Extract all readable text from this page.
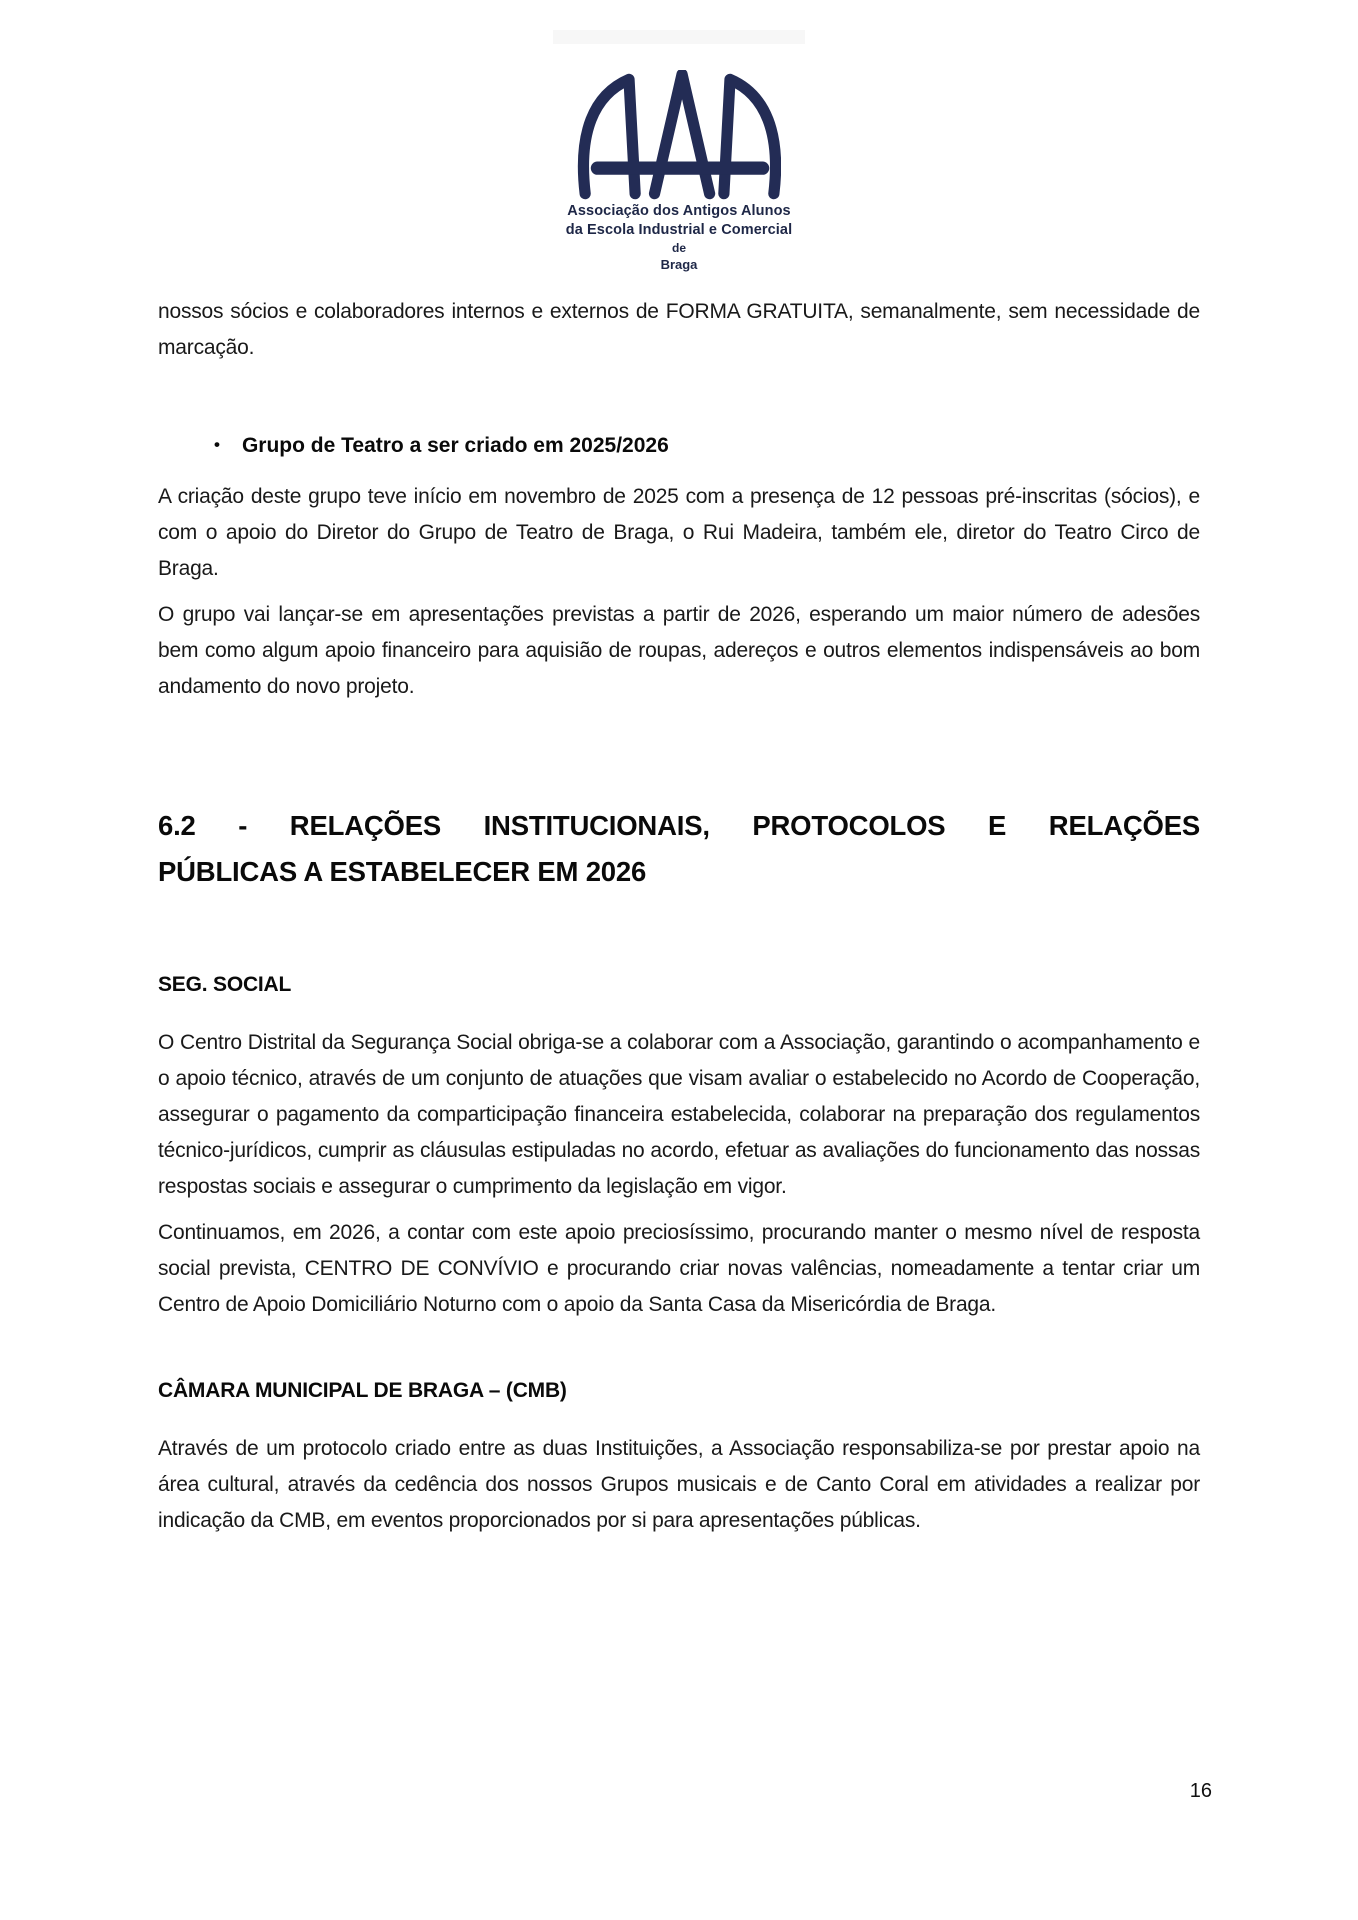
Associação dos Antigos Alunos
da Escola Industrial e Comercial
de
Braga

nossos sócios e colaboradores internos e externos de FORMA GRATUITA, semanalmente, sem necessidade de marcação.

• Grupo de Teatro a ser criado em 2025/2026

A criação deste grupo teve início em novembro de 2025 com a presença de 12 pessoas pré-inscritas (sócios), e com o apoio do Diretor do Grupo de Teatro de Braga, o Rui Madeira, também ele, diretor do Teatro Circo de Braga.

O grupo vai lançar-se em apresentações previstas a partir de 2026, esperando um maior número de adesões bem como algum apoio financeiro para aquisião de roupas, adereços e outros elementos indispensáveis ao bom andamento do novo projeto.

6.2 - RELAÇÕES INSTITUCIONAIS, PROTOCOLOS E RELAÇÕES
PÚBLICAS A ESTABELECER EM 2026
SEG. SOCIAL

O Centro Distrital da Segurança Social obriga-se a colaborar com a Associação, garantindo o acompanhamento e o apoio técnico, através de um conjunto de atuações que visam avaliar o estabelecido no Acordo de Cooperação, assegurar o pagamento da comparticipação financeira estabelecida, colaborar na preparação dos regulamentos técnico-jurídicos, cumprir as cláusulas estipuladas no acordo, efetuar as avaliações do funcionamento das nossas respostas sociais e assegurar o cumprimento da legislação em vigor.

Continuamos, em 2026, a contar com este apoio preciosíssimo, procurando manter o mesmo nível de resposta social prevista, CENTRO DE CONVÍVIO e procurando criar novas valências, nomeadamente a tentar criar um Centro de Apoio Domiciliário Noturno com o apoio da Santa Casa da Misericórdia de Braga.

CÂMARA MUNICIPAL DE BRAGA – (CMB)

Através de um protocolo criado entre as duas Instituições, a Associação responsabiliza-se por prestar apoio na área cultural, através da cedência dos nossos Grupos musicais e de Canto Coral em atividades a realizar por indicação da CMB, em eventos proporcionados por si para apresentações públicas.

16
